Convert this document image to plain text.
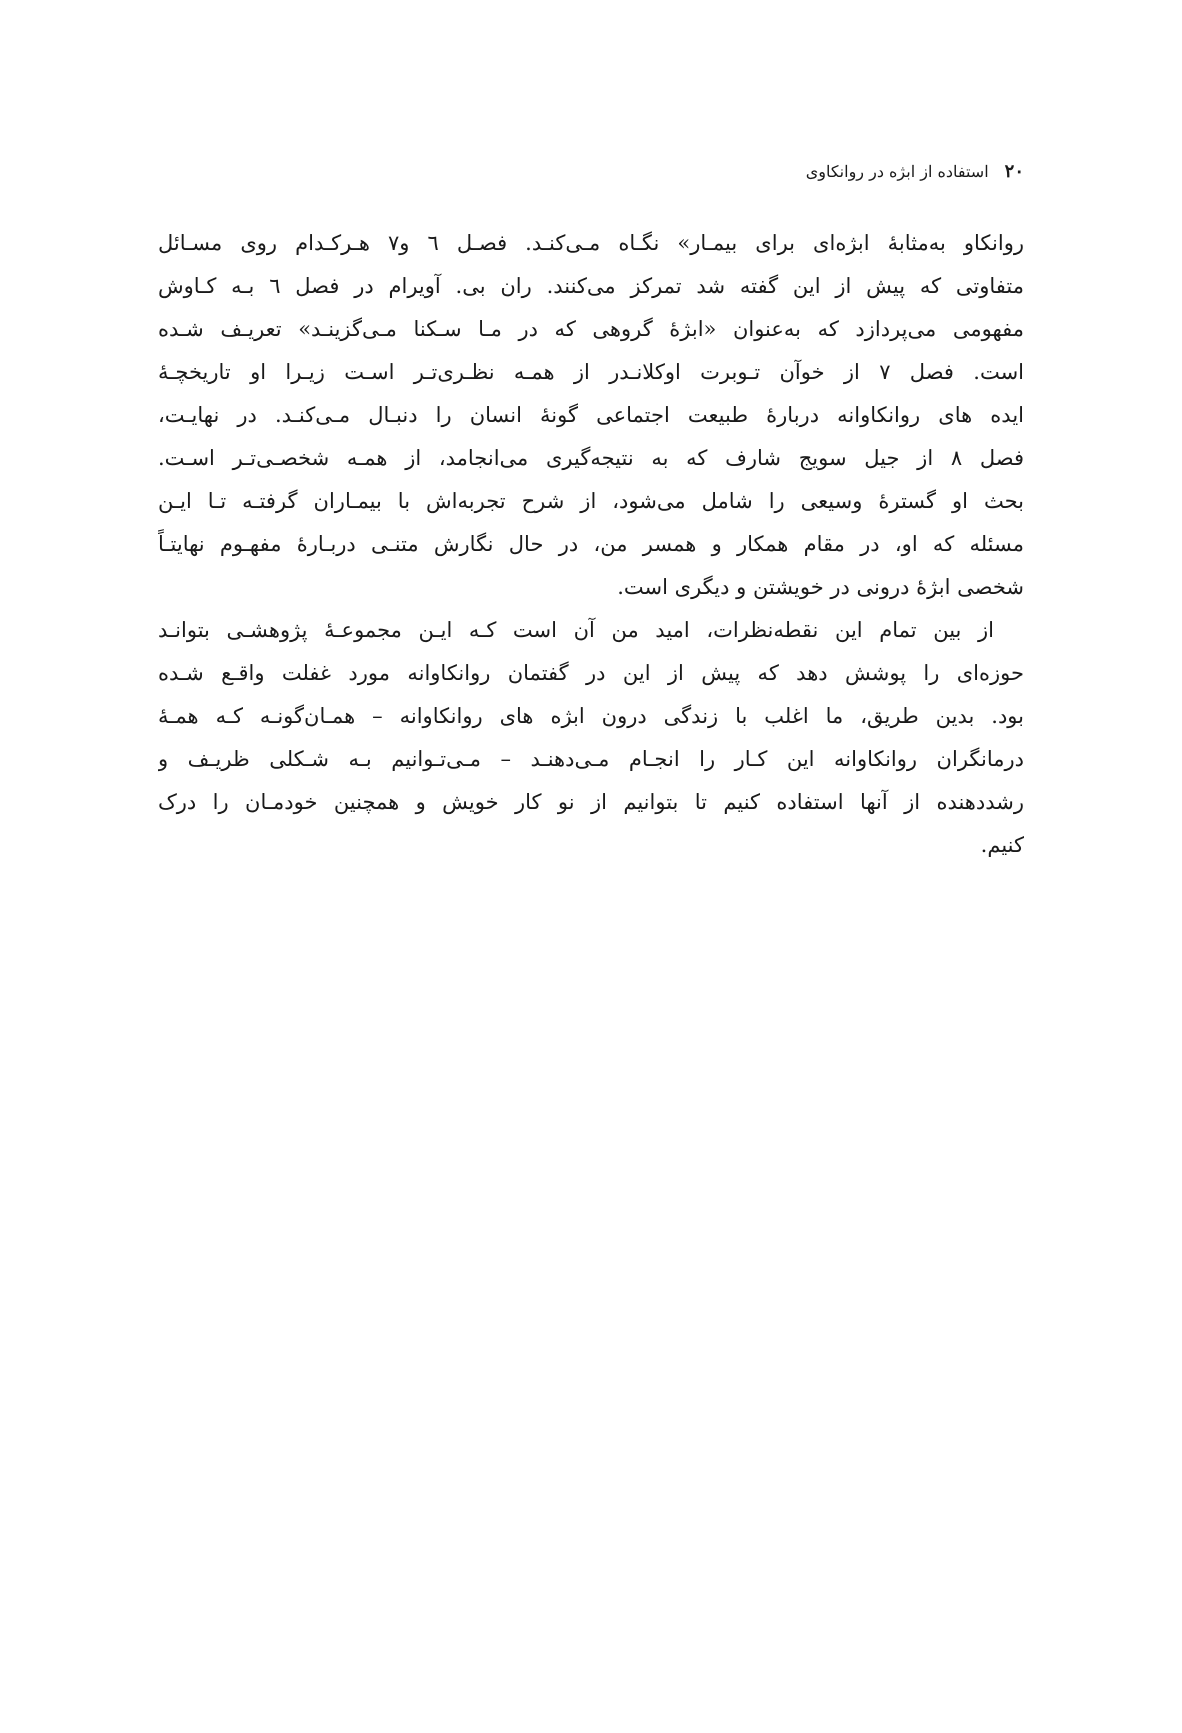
۲۰
استفاده از ابژه در روانکاوی
روانکاو به‌مثابهٔ ابژه‌ای برای بیمـار» نگـاه مـی‌کنـد. فصـل ٦ و٧ هـرکـدام روی مسـائل
متفاوتی که پیش از این گفته شد تمرکز می‌کنند. ران بی. آویرام در فصل ٦ بـه کـاوش
مفهومی می‌پردازد که به‌عنوان «ابژهٔ گروهی که در مـا سـکنا مـی‌گزینـد» تعریـف شـده
است. فصل ۷ از خوآن تـوبرت اوکلانـدر از همـه نظـری‌تـر اسـت زیـرا او تاریخچـهٔ
ایده های روانکاوانه دربارهٔ طبیعت اجتماعی گونهٔ انسان را دنبـال مـی‌کنـد. در نهایـت،
فصل ۸ از جیل سویج شارف که به نتیجه‌گیری می‌انجامد، از همـه شخصـی‌تـر اسـت.
بحث او گسترهٔ وسیعی را شامل می‌شود، از شرح تجربه‌اش با بیمـاران گرفتـه تـا ایـن
مسئله که او، در مقام همکار و همسر من، در حال نگارش متنـی دربـارهٔ مفهـوم نهایتـاً
شخصی ابژهٔ درونی در خویشتن و دیگری است.
از بین تمام این نقطه‌نظرات، امید من آن است کـه ایـن مجموعـهٔ پژوهشـی بتوانـد
حوزه‌ای را پوشش دهد که پیش از این در گفتمان روانکاوانه مورد غفلت واقـع شـده
بود. بدین طریق، ما اغلب با زندگی درون ابژه های روانکاوانه – همـان‌گونـه کـه همـهٔ
درمانگران روانکاوانه این کـار را انجـام مـی‌دهنـد – مـی‌تـوانیم بـه شـکلی ظریـف و
رشددهنده از آنها استفاده کنیم تا بتوانیم از نو کار خویش و همچنین خودمـان را درک
کنیم.
